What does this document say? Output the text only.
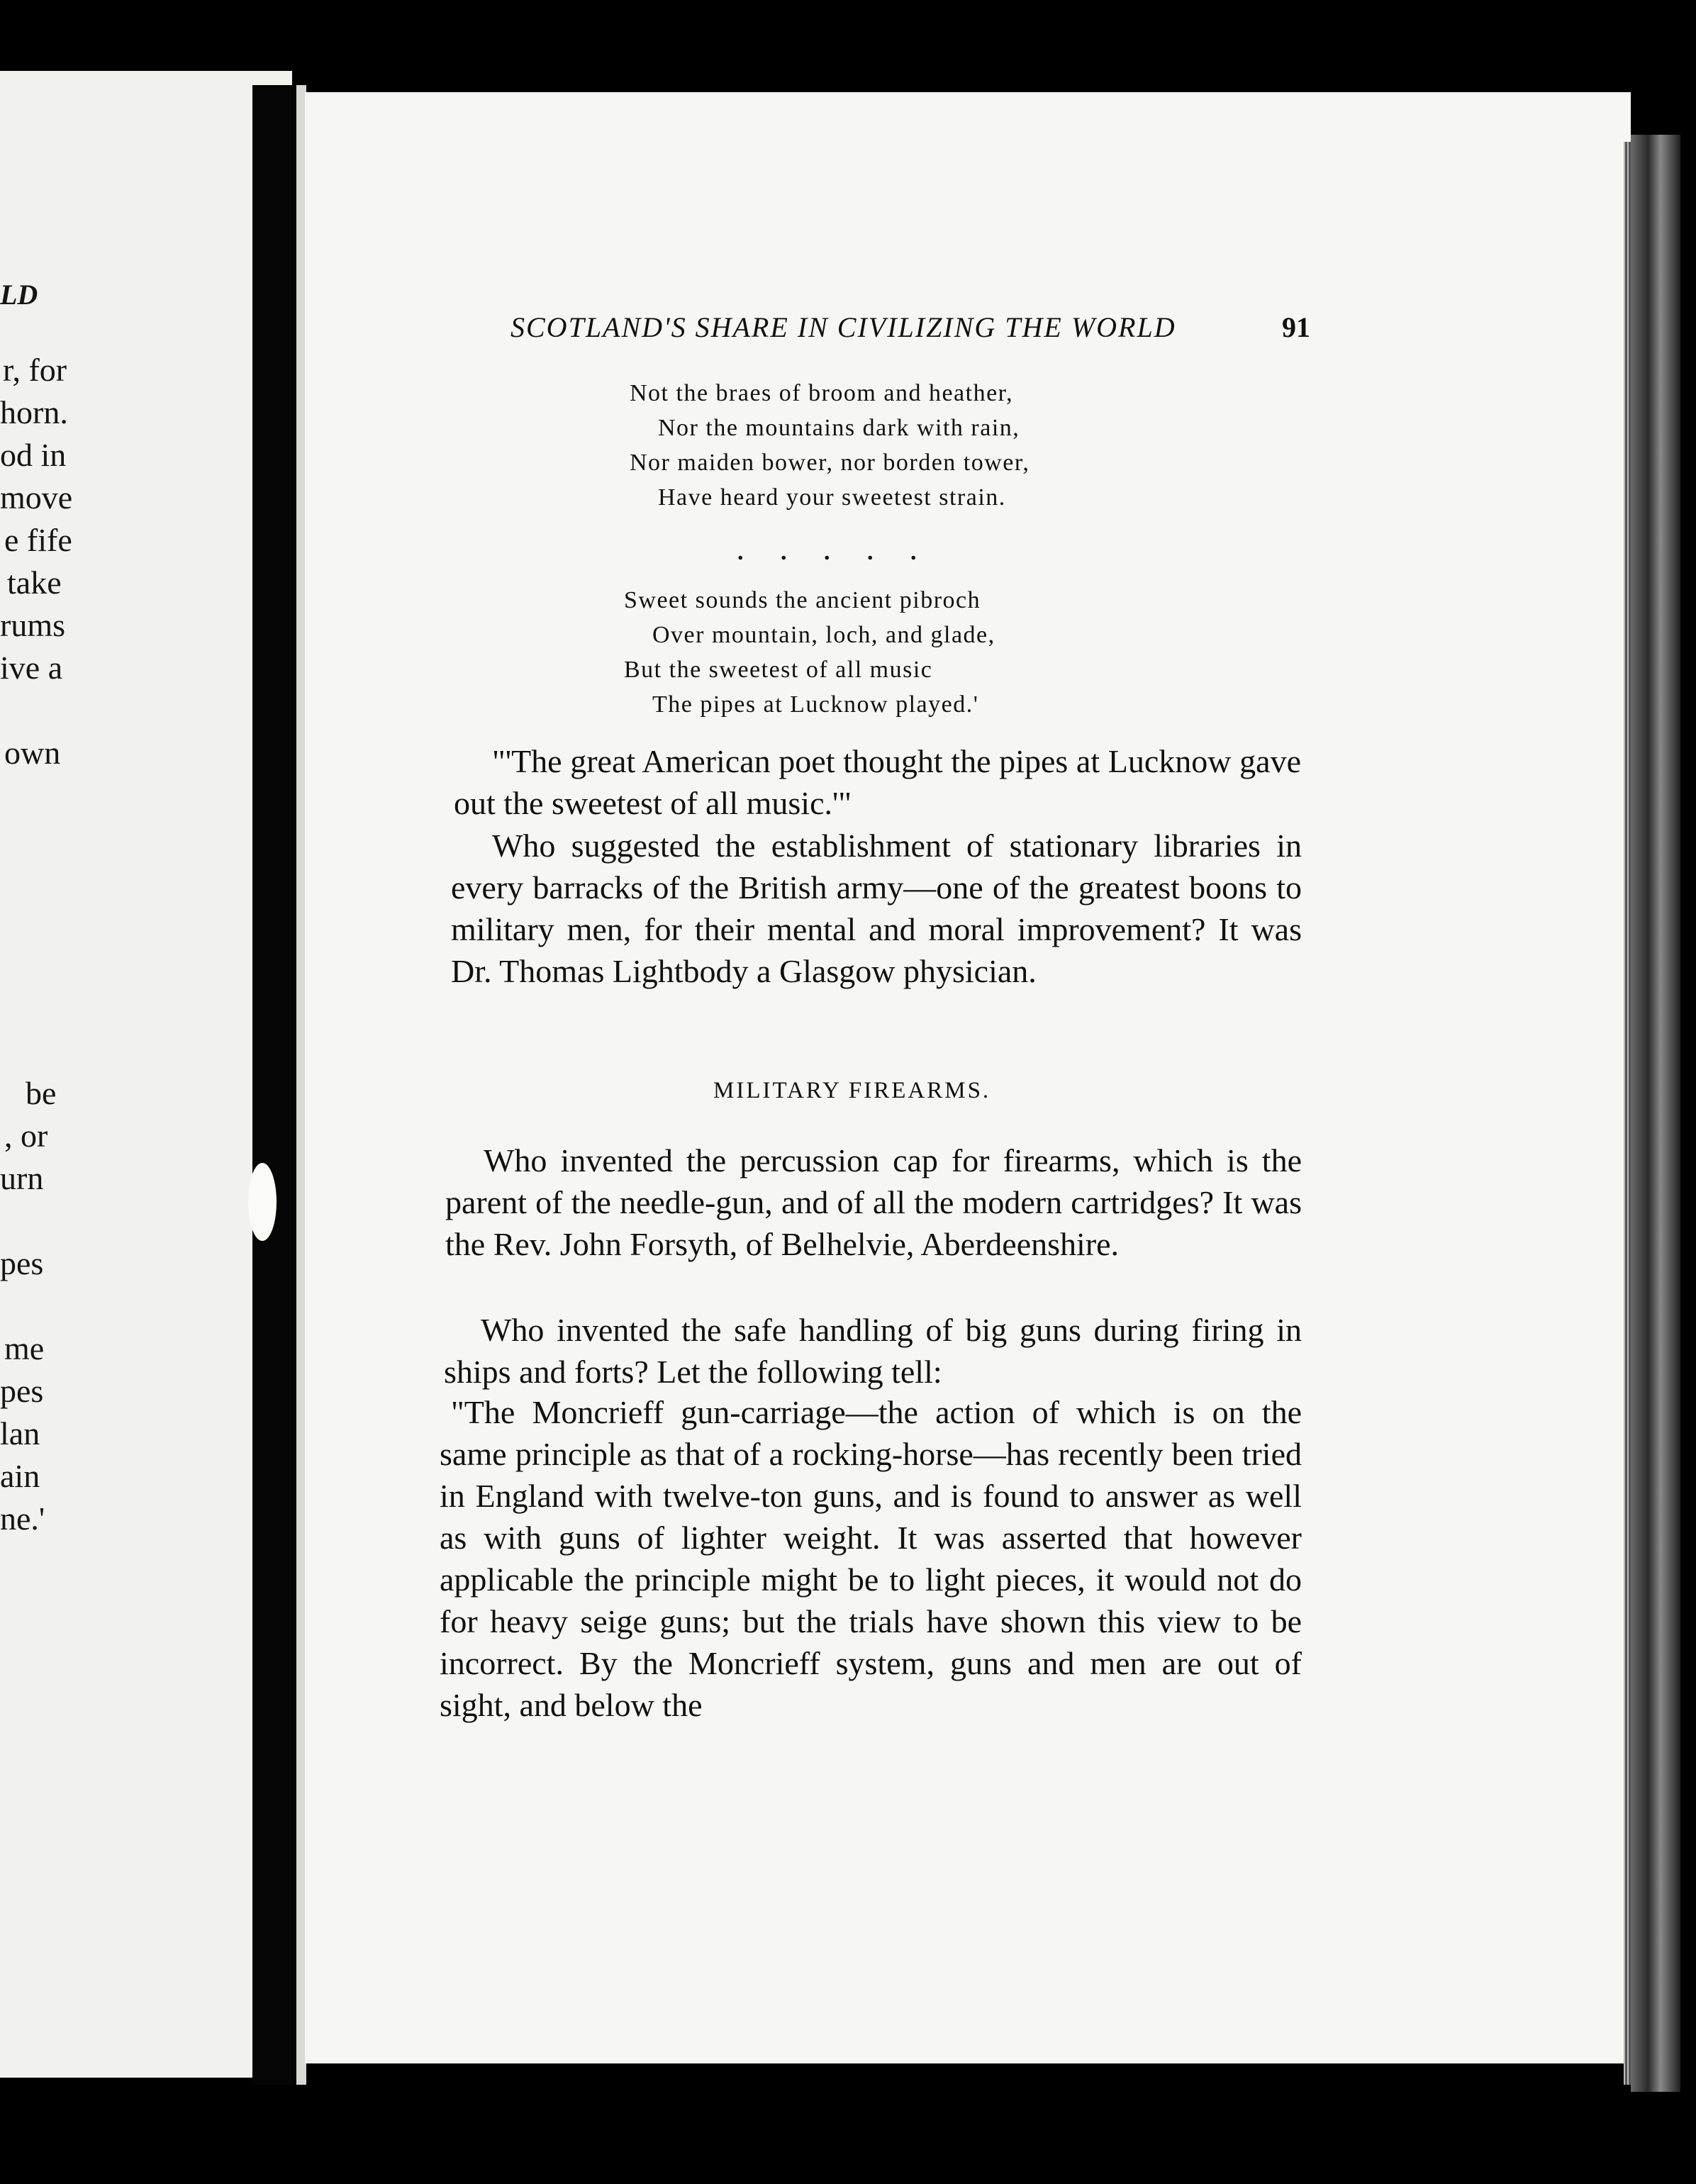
LD

r, for

horn.

od in

move

e fife

take

rums

ive a

own

be

, or

urn

pes

me

pes

lan

ain

ne.'

SCOTLAND'S SHARE IN CIVILIZING THE WORLD	91
Not the braes of broom and heather,
Nor the mountains dark with rain,
Nor maiden bower, nor borden tower,
Have heard your sweetest strain.
. . . . .
Sweet sounds the ancient pibroch
Over mountain, loch, and glade,
But the sweetest of all music
The pipes at Lucknow played.'

"'The great American poet thought the pipes at Lucknow gave out the sweetest of all music.'"

Who suggested the establishment of stationary libraries in every barracks of the British army—one of the greatest boons to military men, for their mental and moral improvement? It was Dr. Thomas Lightbody a Glasgow physician.

MILITARY FIREARMS.

Who invented the percussion cap for firearms, which is the parent of the needle-gun, and of all the modern cartridges? It was the Rev. John Forsyth, of Belhelvie, Aberdeenshire.

Who invented the safe handling of big guns during firing in ships and forts? Let the following tell:

"The Moncrieff gun-carriage—the action of which is on the same principle as that of a rocking-horse—has recently been tried in England with twelve-ton guns, and is found to answer as well as with guns of lighter weight. It was asserted that however applicable the principle might be to light pieces, it would not do for heavy seige guns; but the trials have shown this view to be incorrect. By the Moncrieff system, guns and men are out of sight, and below the
